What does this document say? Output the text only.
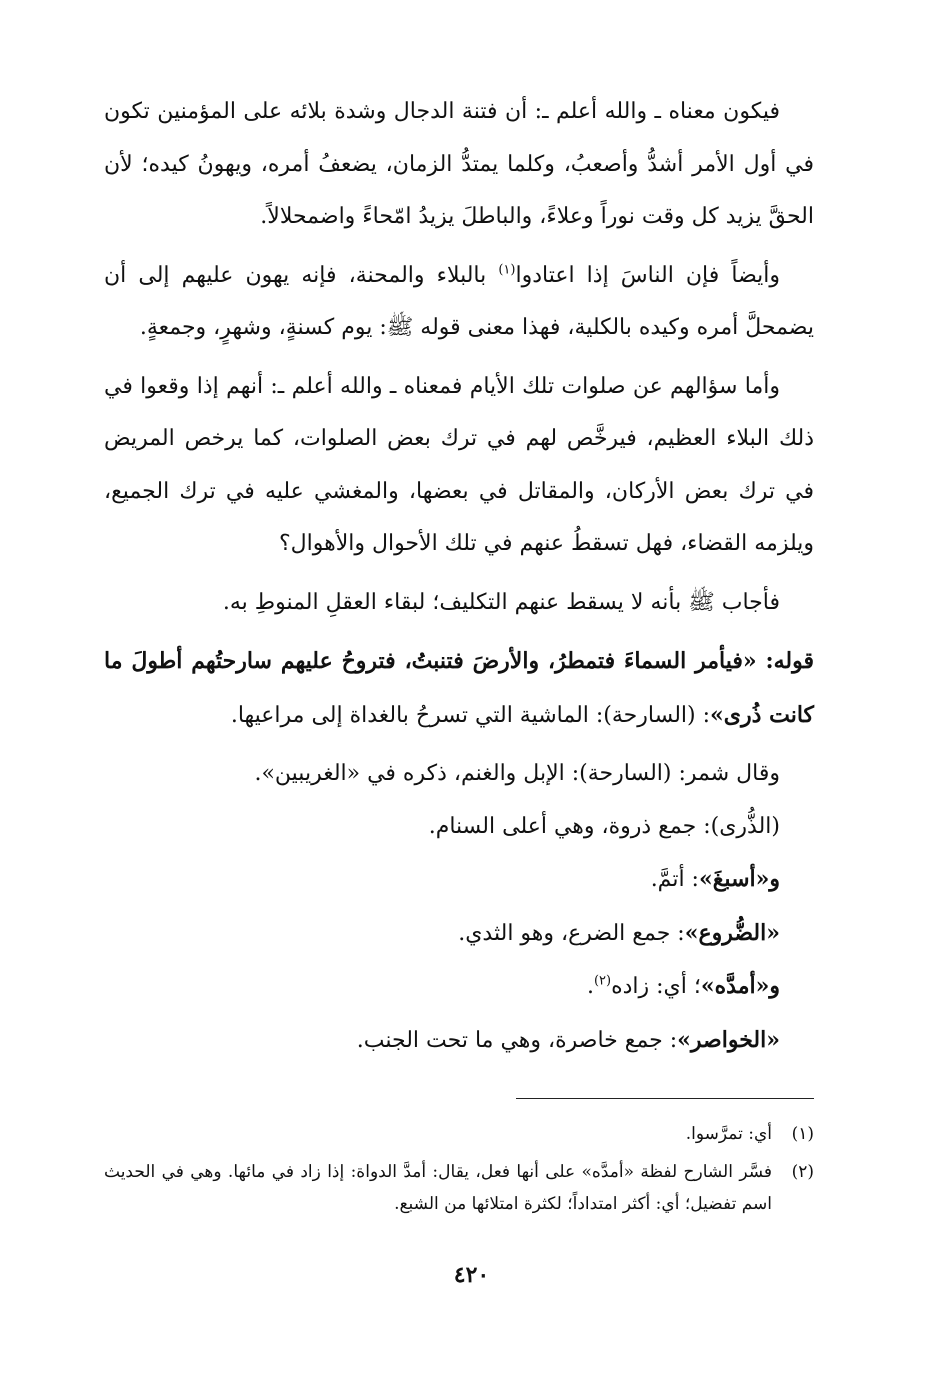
فيكون معناه ـ والله أعلم ـ: أن فتنة الدجال وشدة بلائه على المؤمنين تكون في أول الأمر أشدُّ وأصعبُ، وكلما يمتدُّ الزمان، يضعفُ أمره، ويهونُ كيده؛ لأن الحقَّ يزيد كل وقت نوراً وعلاءً، والباطلَ يزيدُ امّحاءً واضمحلالاً.

وأيضاً فإن الناسَ إذا اعتادوا$^{(١)}$ بالبلاء والمحنة، فإنه يهون عليهم إلى أن يضمحلَّ أمره وكيده بالكلية، فهذا معنى قوله ﷺ: يوم كسنةٍ، وشهرٍ، وجمعةٍ.

وأما سؤالهم عن صلوات تلك الأيام فمعناه ـ والله أعلم ـ: أنهم إذا وقعوا في ذلك البلاء العظيم، فيرخَّص لهم في ترك بعض الصلوات، كما يرخص المريض في ترك بعض الأركان، والمقاتل في بعضها، والمغشي عليه في ترك الجميع، ويلزمه القضاء، فهل تسقطُ عنهم في تلك الأحوال والأهوال؟

فأجاب ﷺ بأنه لا يسقط عنهم التكليف؛ لبقاء العقلِ المنوطِ به.

قوله: «فيأمر السماءَ فتمطرُ، والأرضَ فتنبتُ، فتروحُ عليهم سارحتُهم أطولَ ما كانت ذُرى»: (السارحة): الماشية التي تسرحُ بالغداة إلى مراعيها.

وقال شمر: (السارحة): الإبل والغنم، ذكره في «الغريبين».

(الذُّرى): جمع ذروة، وهي أعلى السنام.

و«أسبغَ»: أتمَّ.

«الضُّروع»: جمع الضرع، وهو الثدي.

و«أمدَّه»؛ أي: زاده$^{(٢)}$.

«الخواصر»: جمع خاصرة، وهي ما تحت الجنب.

(١)
أي: تمرَّسوا.
(٢)
فسَّر الشارح لفظة «أمدَّه» على أنها فعل، يقال: أمدَّ الدواة: إذا زاد في مائها. وهي في الحديث اسم تفضيل؛ أي: أكثر امتداداً؛ لكثرة امتلائها من الشبع.
٤٢٠
